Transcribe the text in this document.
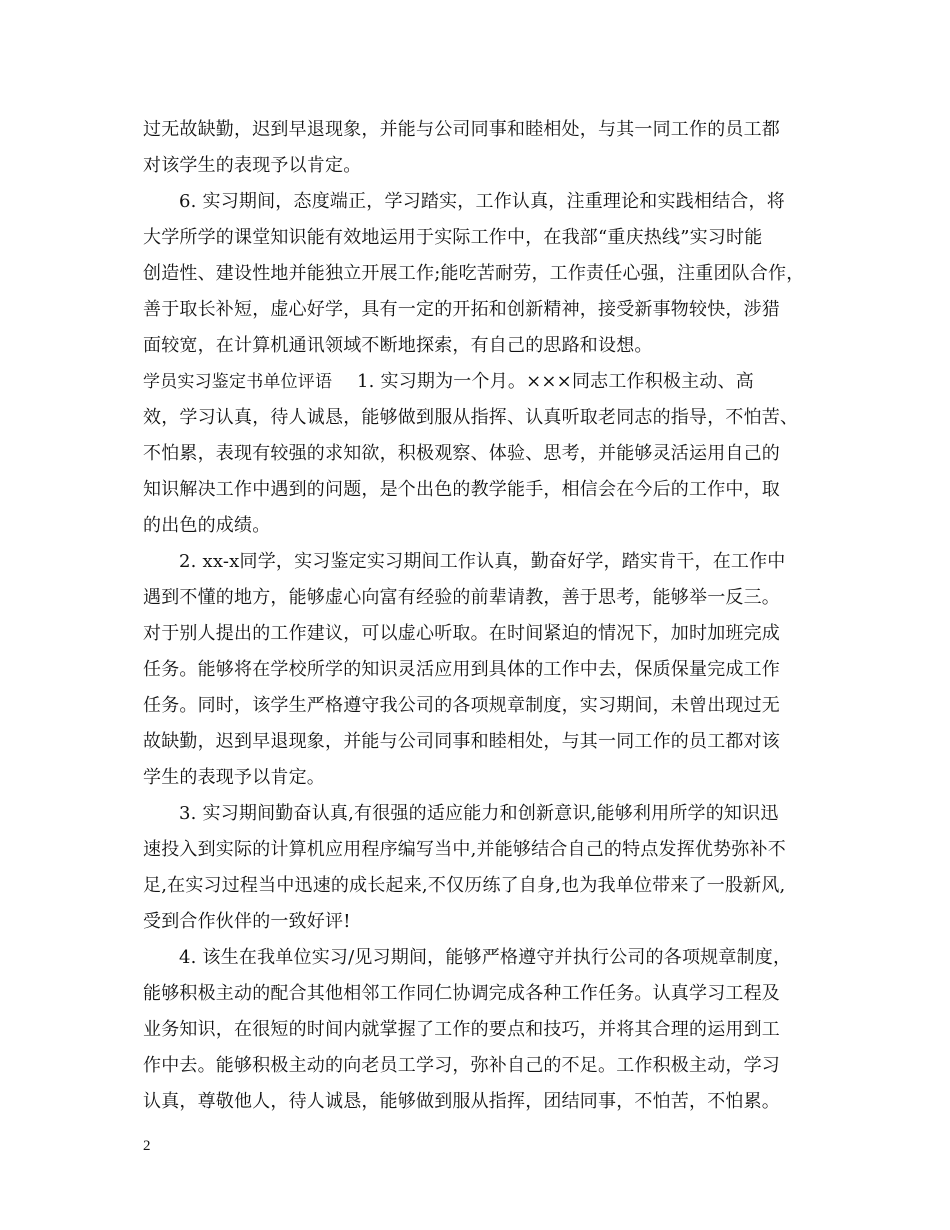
过无故缺勤，迟到早退现象，并能与公司同事和睦相处，与其一同工作的员工都
对该学生的表现予以肯定。
6. 实习期间，态度端正，学习踏实，工作认真，注重理论和实践相结合，将
大学所学的课堂知识能有效地运用于实际工作中，在我部“重庆热线”实习时能
创造性、建设性地并能独立开展工作;能吃苦耐劳，工作责任心强，注重团队合作，
善于取长补短，虚心好学，具有一定的开拓和创新精神，接受新事物较快，涉猎
面较宽，在计算机通讯领域不断地探索，有自己的思路和设想。
学员实习鉴定书单位评语 1. 实习期为一个月。×××同志工作积极主动、高
效，学习认真，待人诚恳，能够做到服从指挥、认真听取老同志的指导，不怕苦、
不怕累，表现有较强的求知欲，积极观察、体验、思考，并能够灵活运用自己的
知识解决工作中遇到的问题，是个出色的教学能手，相信会在今后的工作中，取
的出色的成绩。
2. xx-x同学，实习鉴定实习期间工作认真，勤奋好学，踏实肯干，在工作中
遇到不懂的地方，能够虚心向富有经验的前辈请教，善于思考，能够举一反三。
对于别人提出的工作建议，可以虚心听取。在时间紧迫的情况下，加时加班完成
任务。能够将在学校所学的知识灵活应用到具体的工作中去，保质保量完成工作
任务。同时，该学生严格遵守我公司的各项规章制度，实习期间，未曾出现过无
故缺勤，迟到早退现象，并能与公司同事和睦相处，与其一同工作的员工都对该
学生的表现予以肯定。
3. 实习期间勤奋认真,有很强的适应能力和创新意识,能够利用所学的知识迅
速投入到实际的计算机应用程序编写当中,并能够结合自己的特点发挥优势弥补不
足,在实习过程当中迅速的成长起来,不仅历练了自身,也为我单位带来了一股新风,
受到合作伙伴的一致好评!
4. 该生在我单位实习/见习期间，能够严格遵守并执行公司的各项规章制度，
能够积极主动的配合其他相邻工作同仁协调完成各种工作任务。认真学习工程及
业务知识，在很短的时间内就掌握了工作的要点和技巧，并将其合理的运用到工
作中去。能够积极主动的向老员工学习，弥补自己的不足。工作积极主动，学习
认真，尊敬他人，待人诚恳，能够做到服从指挥，团结同事，不怕苦，不怕累。
2
